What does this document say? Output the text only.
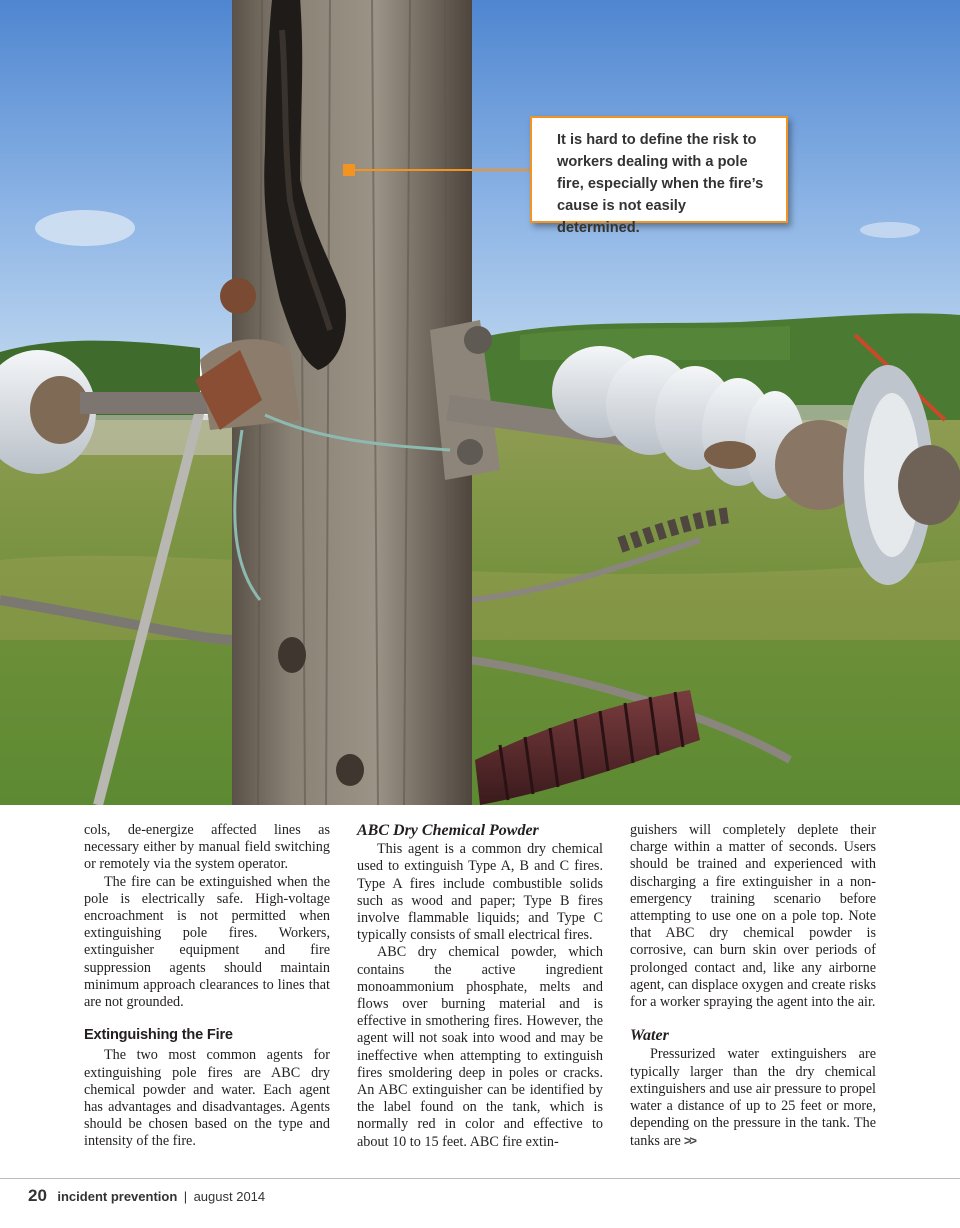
It is hard to define the risk to workers dealing with a pole fire, especially when the fire’s cause is not easily determined.

cols, de-energize affected lines as necessary either by manual field switching or remotely via the system operator.

The fire can be extinguished when the pole is electrically safe. High-voltage encroachment is not permitted when extinguishing pole fires. Workers, extinguisher equipment and fire suppression agents should maintain minimum approach clearances to lines that are not grounded.

Extinguishing the Fire

The two most common agents for extinguishing pole fires are ABC dry chemical powder and water. Each agent has advantages and disadvantages. Agents should be chosen based on the type and intensity of the fire.

ABC Dry Chemical Powder

This agent is a common dry chemical used to extinguish Type A, B and C fires. Type A fires include combustible solids such as wood and paper; Type B fires involve flammable liquids; and Type C typically consists of small electrical fires.

ABC dry chemical powder, which contains the active ingredient monoammonium phosphate, melts and flows over burning material and is effective in smothering fires. However, the agent will not soak into wood and may be ineffective when attempting to extinguish fires smoldering deep in poles or cracks. An ABC extinguisher can be identified by the label found on the tank, which is normally red in color and effective to about 10 to 15 feet. ABC fire extin-

guishers will completely deplete their charge within a matter of seconds. Users should be trained and experienced with discharging a fire extinguisher in a non-emergency training scenario before attempting to use one on a pole top. Note that ABC dry chemical powder is corrosive, can burn skin over periods of prolonged contact and, like any airborne agent, can displace oxygen and create risks for a worker spraying the agent into the air.

Water

Pressurized water extinguishers are typically larger than the dry chemical extinguishers and use air pressure to propel water a distance of up to 25 feet or more, depending on the pressure in the tank. The tanks are >>

20 incident prevention | august 2014
